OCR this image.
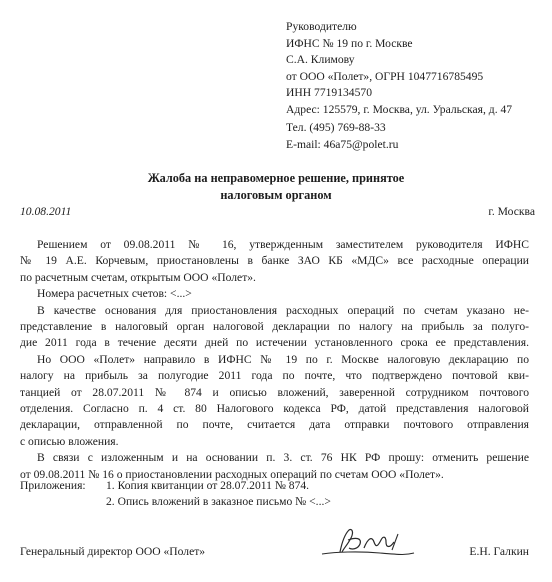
Руководителю
ИФНС № 19 по г. Москве
С.А. Климову
от ООО «Полет», ОГРН 1047716785495
ИНН 7719134570
Адрес: 125579, г. Москва, ул. Уральская, д. 47
Тел. (495) 769-88-33
E-mail: 46a75@polet.ru
Жалоба на неправомерное решение, принятое
налоговым органом
10.08.2011	г. Москва

Решением от 09.08.2011 № 16, утвержденным заместителем руководителя ИФНС

№ 19 А.Е. Корчевым, приостановлены в банке ЗАО КБ «МДС» все расходные операции

по расчетным счетам, открытым ООО «Полет».

Номера расчетных счетов: <...>

В качестве основания для приостановления расходных операций по счетам указано не-

представление в налоговый орган налоговой декларации по налогу на прибыль за полуго-

дие 2011 года в течение десяти дней по истечении установленного срока ее представления.

Но ООО «Полет» направило в ИФНС № 19 по г. Москве налоговую декларацию по

налогу на прибыль за полугодие 2011 года по почте, что подтверждено почтовой кви-

танцией от 28.07.2011 № 874 и описью вложений, заверенной сотрудником почтового

отделения. Согласно п. 4 ст. 80 Налогового кодекса РФ, датой представления налоговой

декларации, отправленной по почте, считается дата отправки почтового отправления

с описью вложения.

В связи с изложенным и на основании п. 3. ст. 76 НК РФ прошу: отменить решение

от 09.08.2011 № 16 о приостановлении расходных операций по счетам ООО «Полет».

Приложения: 1. Копия квитанции от 28.07.2011 № 874.
2. Опись вложений в заказное письмо № <...>
Генеральный директор ООО «Полет»	Е.Н. Галкин
